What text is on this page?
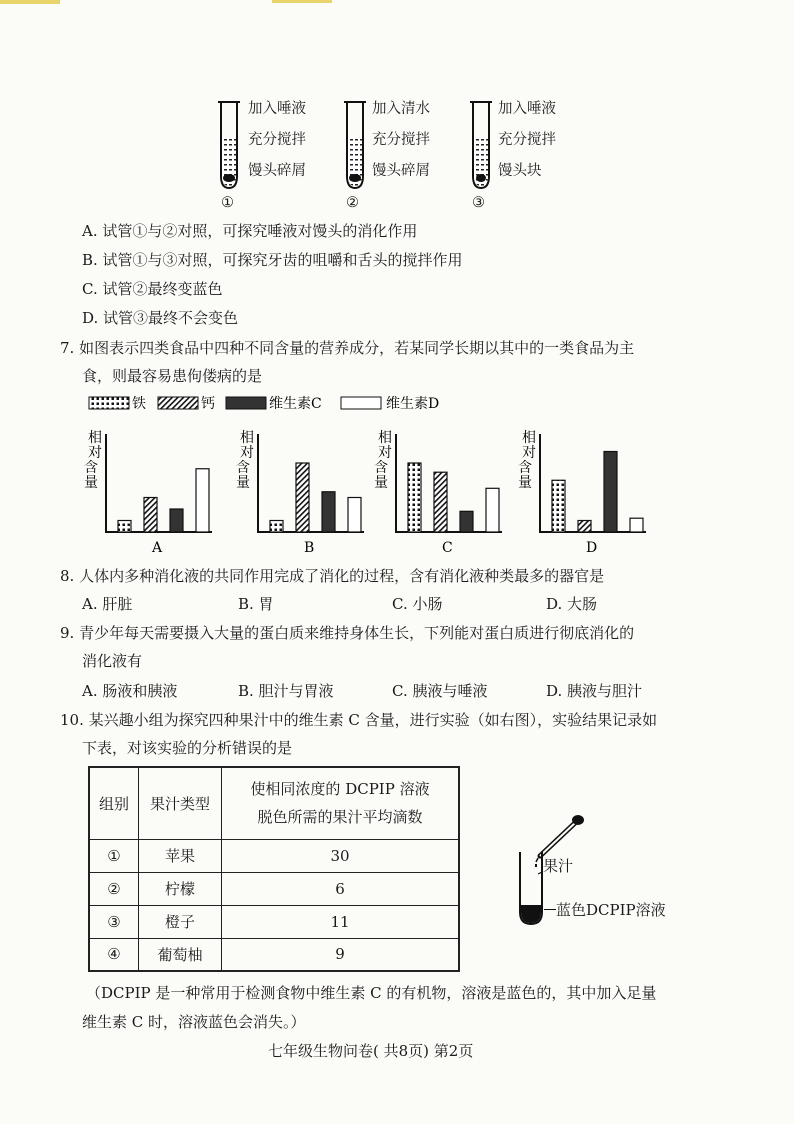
加入唾液
充分搅拌
馒头碎屑
①
加入清水
充分搅拌
馒头碎屑
②
加入唾液
充分搅拌
馒头块
③
A. 试管①与②对照，可探究唾液对馒头的消化作用
B. 试管①与③对照，可探究牙齿的咀嚼和舌头的搅拌作用
C. 试管②最终变蓝色
D. 试管③最终不会变色
7. 如图表示四类食品中四种不同含量的营养成分，若某同学长期以其中的一类食品为主
食，则最容易患佝偻病的是
铁	钙	维生素C	维生素D
相
对
含
量
A
相
对
含
量
B
相
对
含
量
C
相
对
含
量
D
8. 人体内多种消化液的共同作用完成了消化的过程，含有消化液种类最多的器官是
A. 肝脏	B. 胃	C. 小肠	D. 大肠
9. 青少年每天需要摄入大量的蛋白质来维持身体生长，下列能对蛋白质进行彻底消化的
消化液有
A. 肠液和胰液	B. 胆汁与胃液	C. 胰液与唾液	D. 胰液与胆汁
10. 某兴趣小组为探究四种果汁中的维生素 C 含量，进行实验（如右图），实验结果记录如
下表，对该实验的分析错误的是
组别	果汁类型	使相同浓度的 DCPIP 溶液
脱色所需的果汁平均滴数

①	苹果	30
②	柠檬	6
③	橙子	11
④	葡萄柚	9
果汁
蓝色DCPIP溶液
（DCPIP 是一种常用于检测食物中维生素 C 的有机物，溶液是蓝色的，其中加入足量
维生素 C 时，溶液蓝色会消失。）
七年级生物问卷( 共8页) 第2页
